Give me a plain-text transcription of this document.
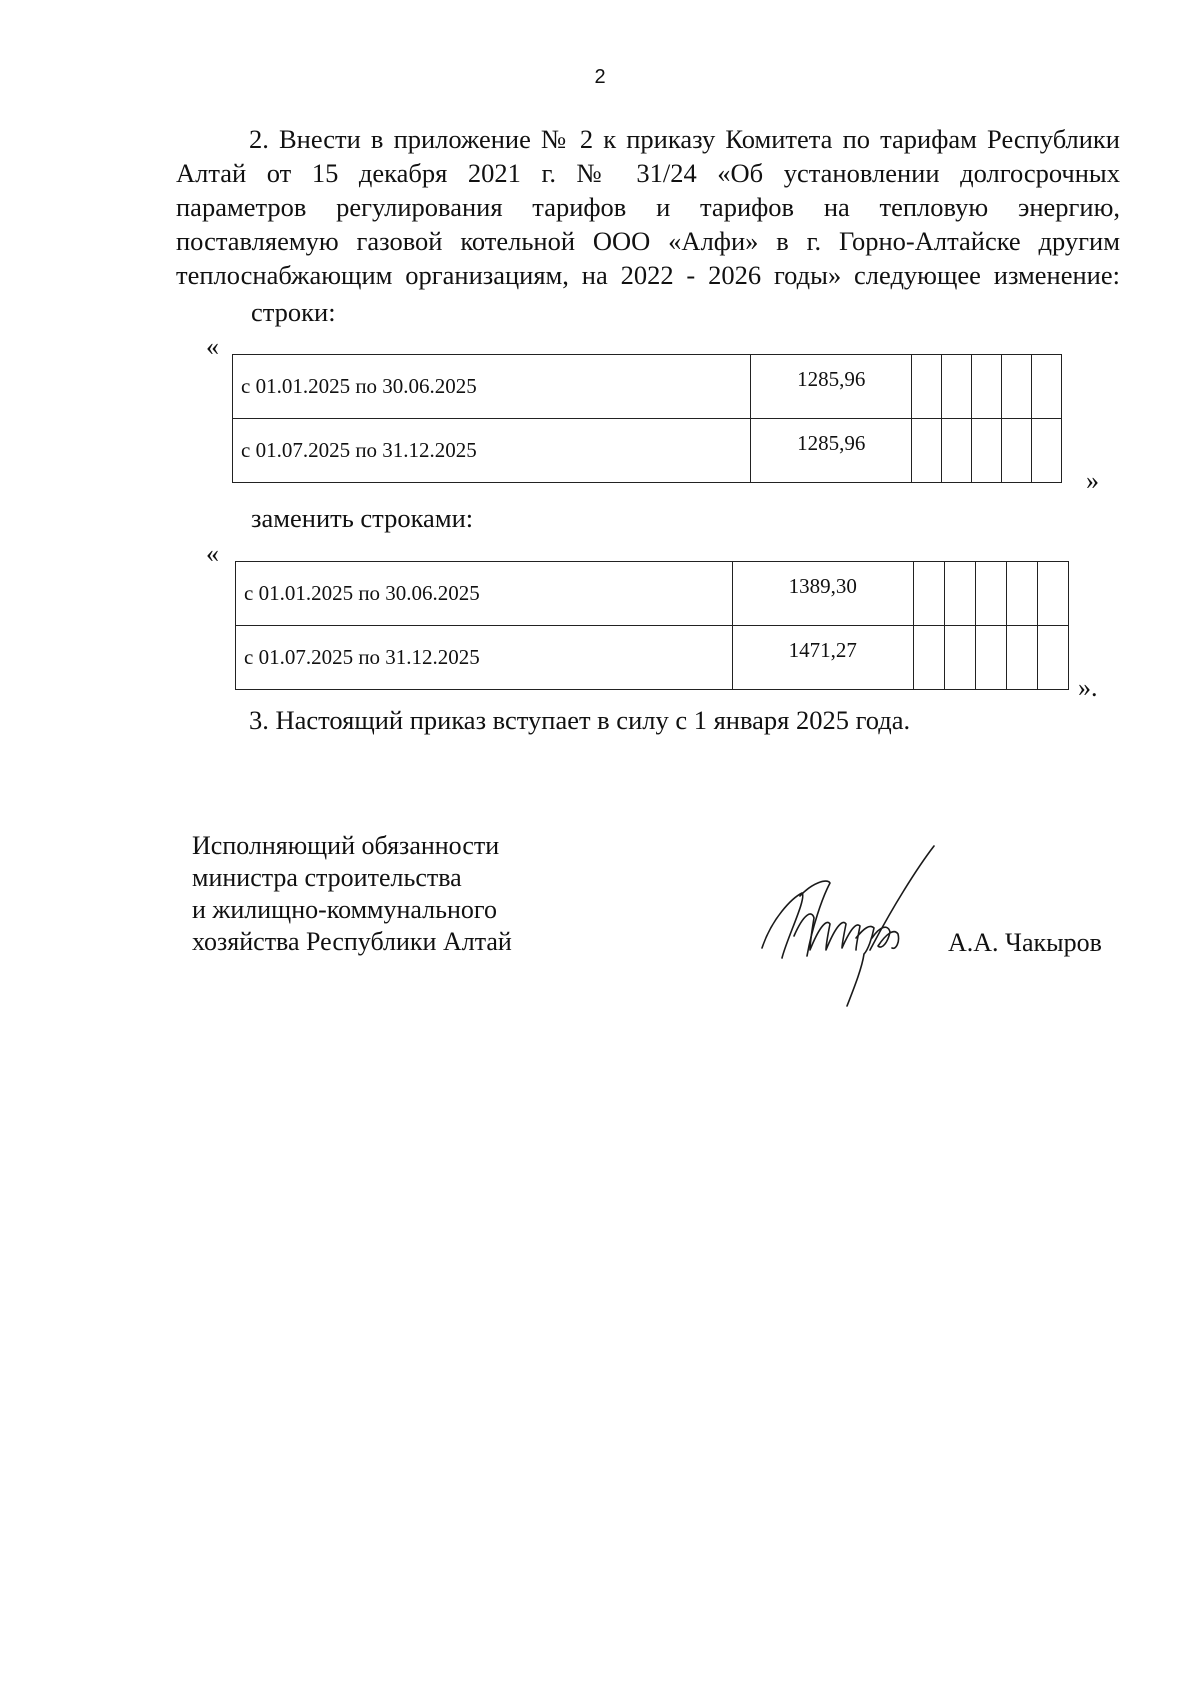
2
2. Внести в приложение № 2 к приказу Комитета по тарифам Республики
Алтай от 15 декабря 2021 г. № 31/24 «Об установлении долгосрочных
параметров регулирования тарифов и тарифов на тепловую энергию,
поставляемую газовой котельной ООО «Алфи» в г. Горно-Алтайске другим
теплоснабжающим организациям, на 2022 - 2026 годы» следующее изменение:
строки:
«
с 01.01.2025 по 30.06.2025	1285,96					
с 01.07.2025 по 31.12.2025	1285,96					
»
заменить строками:
«
с 01.01.2025 по 30.06.2025	1389,30					
с 01.07.2025 по 31.12.2025	1471,27					
».
3. Настоящий приказ вступает в силу с 1 января 2025 года.
Исполняющий обязанности
министра строительства
и жилищно-коммунального
хозяйства Республики Алтай	А.А. Чакыров
